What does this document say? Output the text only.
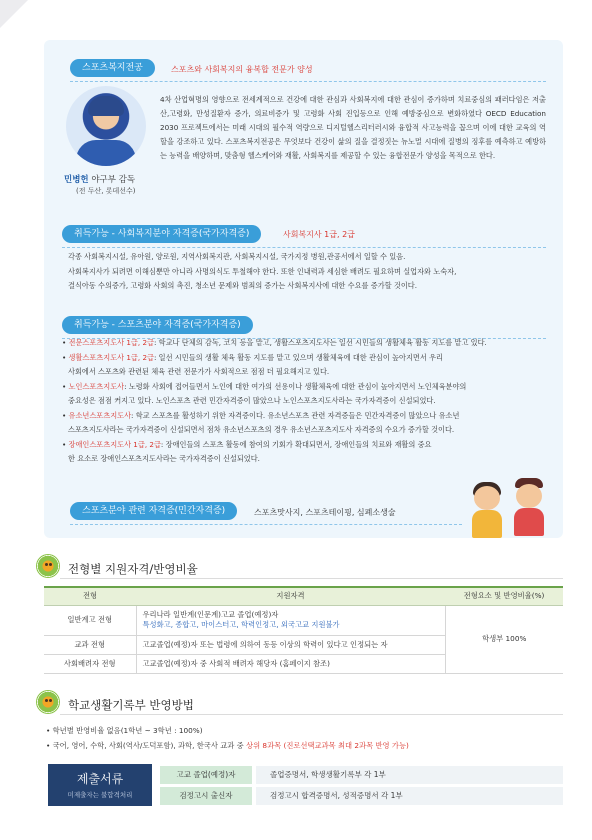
스포츠복지전공	스포츠와 사회복지의 융복합 전문가 양성
민병헌 야구부 감독
(전 두산, 롯데선수)
4차 산업혁명의 영향으로 전세계적으로 건강에 대한 관심과 사회복지에 대한 관심이 증가하며 치료중심의 패러다임은 저출산,고령화, 만성질환자 증가, 의료비증가 및 고령화 사회 진입등으로 인해 예방중심으로 변화하였다 OECD Education 2030 프로젝트에서는 미래 시대의 필수적 역량으로 디지털헬스리터러시와 융합적 사고능력을 꼽으며 이에 대한 교육의 역할을 강조하고 있다. 스포츠복지전공은 무엇보다 건강이 삶의 질을 결정짓는 뉴노멀 시대에 질병의 징후를 예측하고 예방하는 능력을 배양하며, 맞춤형 헬스케어와 재활, 사회복지를 제공할 수 있는 융합전문가 양성을 목적으로 한다.
취득가능 - 사회복지분야 자격증(국가자격증)	사회복지사 1급, 2급
각종 사회복지시설, 유아원, 양로원, 지역사회복지관, 사회복지시설, 국가지정 병원,관공서에서 일할 수 있음.
사회복지사가 되려면 이해심뿐만 아니라 사명의식도 투철해야 한다. 또한 인내력과 세심한 배려도 필요하며 실업자와 노숙자,
결식아동 수의증가, 고령화 사회의 촉진, 청소년 문제와 범죄의 증가는 사회복지사에 대한 수요를 증가할 것이다.
취득가능 - 스포츠분야 자격증(국가자격증)
• 전문스포츠지도사 1급, 2급: 학교나 단체의 감독, 코치 등을 맡고, 생활스포츠지도사는 일선 시민들의 생활체육 활동 지도를 맡고 있다.
• 생활스포츠지도사 1급, 2급: 일선 시민들의 생활 체육 활동 지도를 맡고 있으며 생활체육에 대한 관심이 높아지면서 우리
사회에서 스포츠와 관련된 체육 관련 전문가가 사회적으로 점점 더 필요해지고 있다.
• 노인스포츠지도사: 노령화 사회에 접어들면서 노인에 대한 여가의 선용이나 생활체육에 대한 관심이 높아지면서 노인체육분야의
중요성은 점점 커지고 있다. 노인스포츠 관련 민간자격증이 많았으나 노인스포츠지도사라는 국가자격증이 신설되었다.
• 유소년스포츠지도사: 학교 스포츠를 활성하기 위한 자격증이다. 유소년스포츠 관련 자격증들은 민간자격증이 많았으나 유소년
스포츠지도사라는 국가자격증이 신설되면서 점차 유소년스포츠의 경우 유소년스포츠지도사 자격증의 수요가 증가할 것이다.
• 장애인스포츠지도사 1급, 2급: 장애인들의 스포츠 활동에 참여의 기회가 확대되면서, 장애인들의 치료와 재활의 중요
한 요소로 장애인스포츠지도사라는 국가자격증이 신설되었다.
스포츠분야 관련 자격증(민간자격증)	스포츠맛사지, 스포츠테이핑, 심폐소생술
전형별 지원자격/반영비율
전형	지원자격	전형요소 및 반영비율(%)
일반계고 전형	우리나라 일반계(인문계)고교 졸업(예정)자
특성화고, 종합고, 마이스터고, 학력인정고, 외국고교 지원불가	학생부 100%
교과 전형	고교졸업(예정)자 또는 법령에 의하여 동등 이상의 학력이 있다고 인정되는 자	
사회배려자 전형	고교졸업(예정)자 중 사회적 배려자 해당자 (홈페이지 참조)	
학교생활기록부 반영방법
• 학년별 반영비율 없음(1학년 ~ 3학년 : 100%)
• 국어, 영어, 수학, 사회(역사/도덕포함), 과학, 한국사 교과 중 상위 8과목 (진로선택교과목 최대 2과목 반영 가능)
제출서류
미제출자는 불합격처리
고교 졸업(예정)자	졸업증명서, 학생생활기록부 각 1부
검정고시 출신자	검정고시 합격증명서, 성적증명서 각 1부
